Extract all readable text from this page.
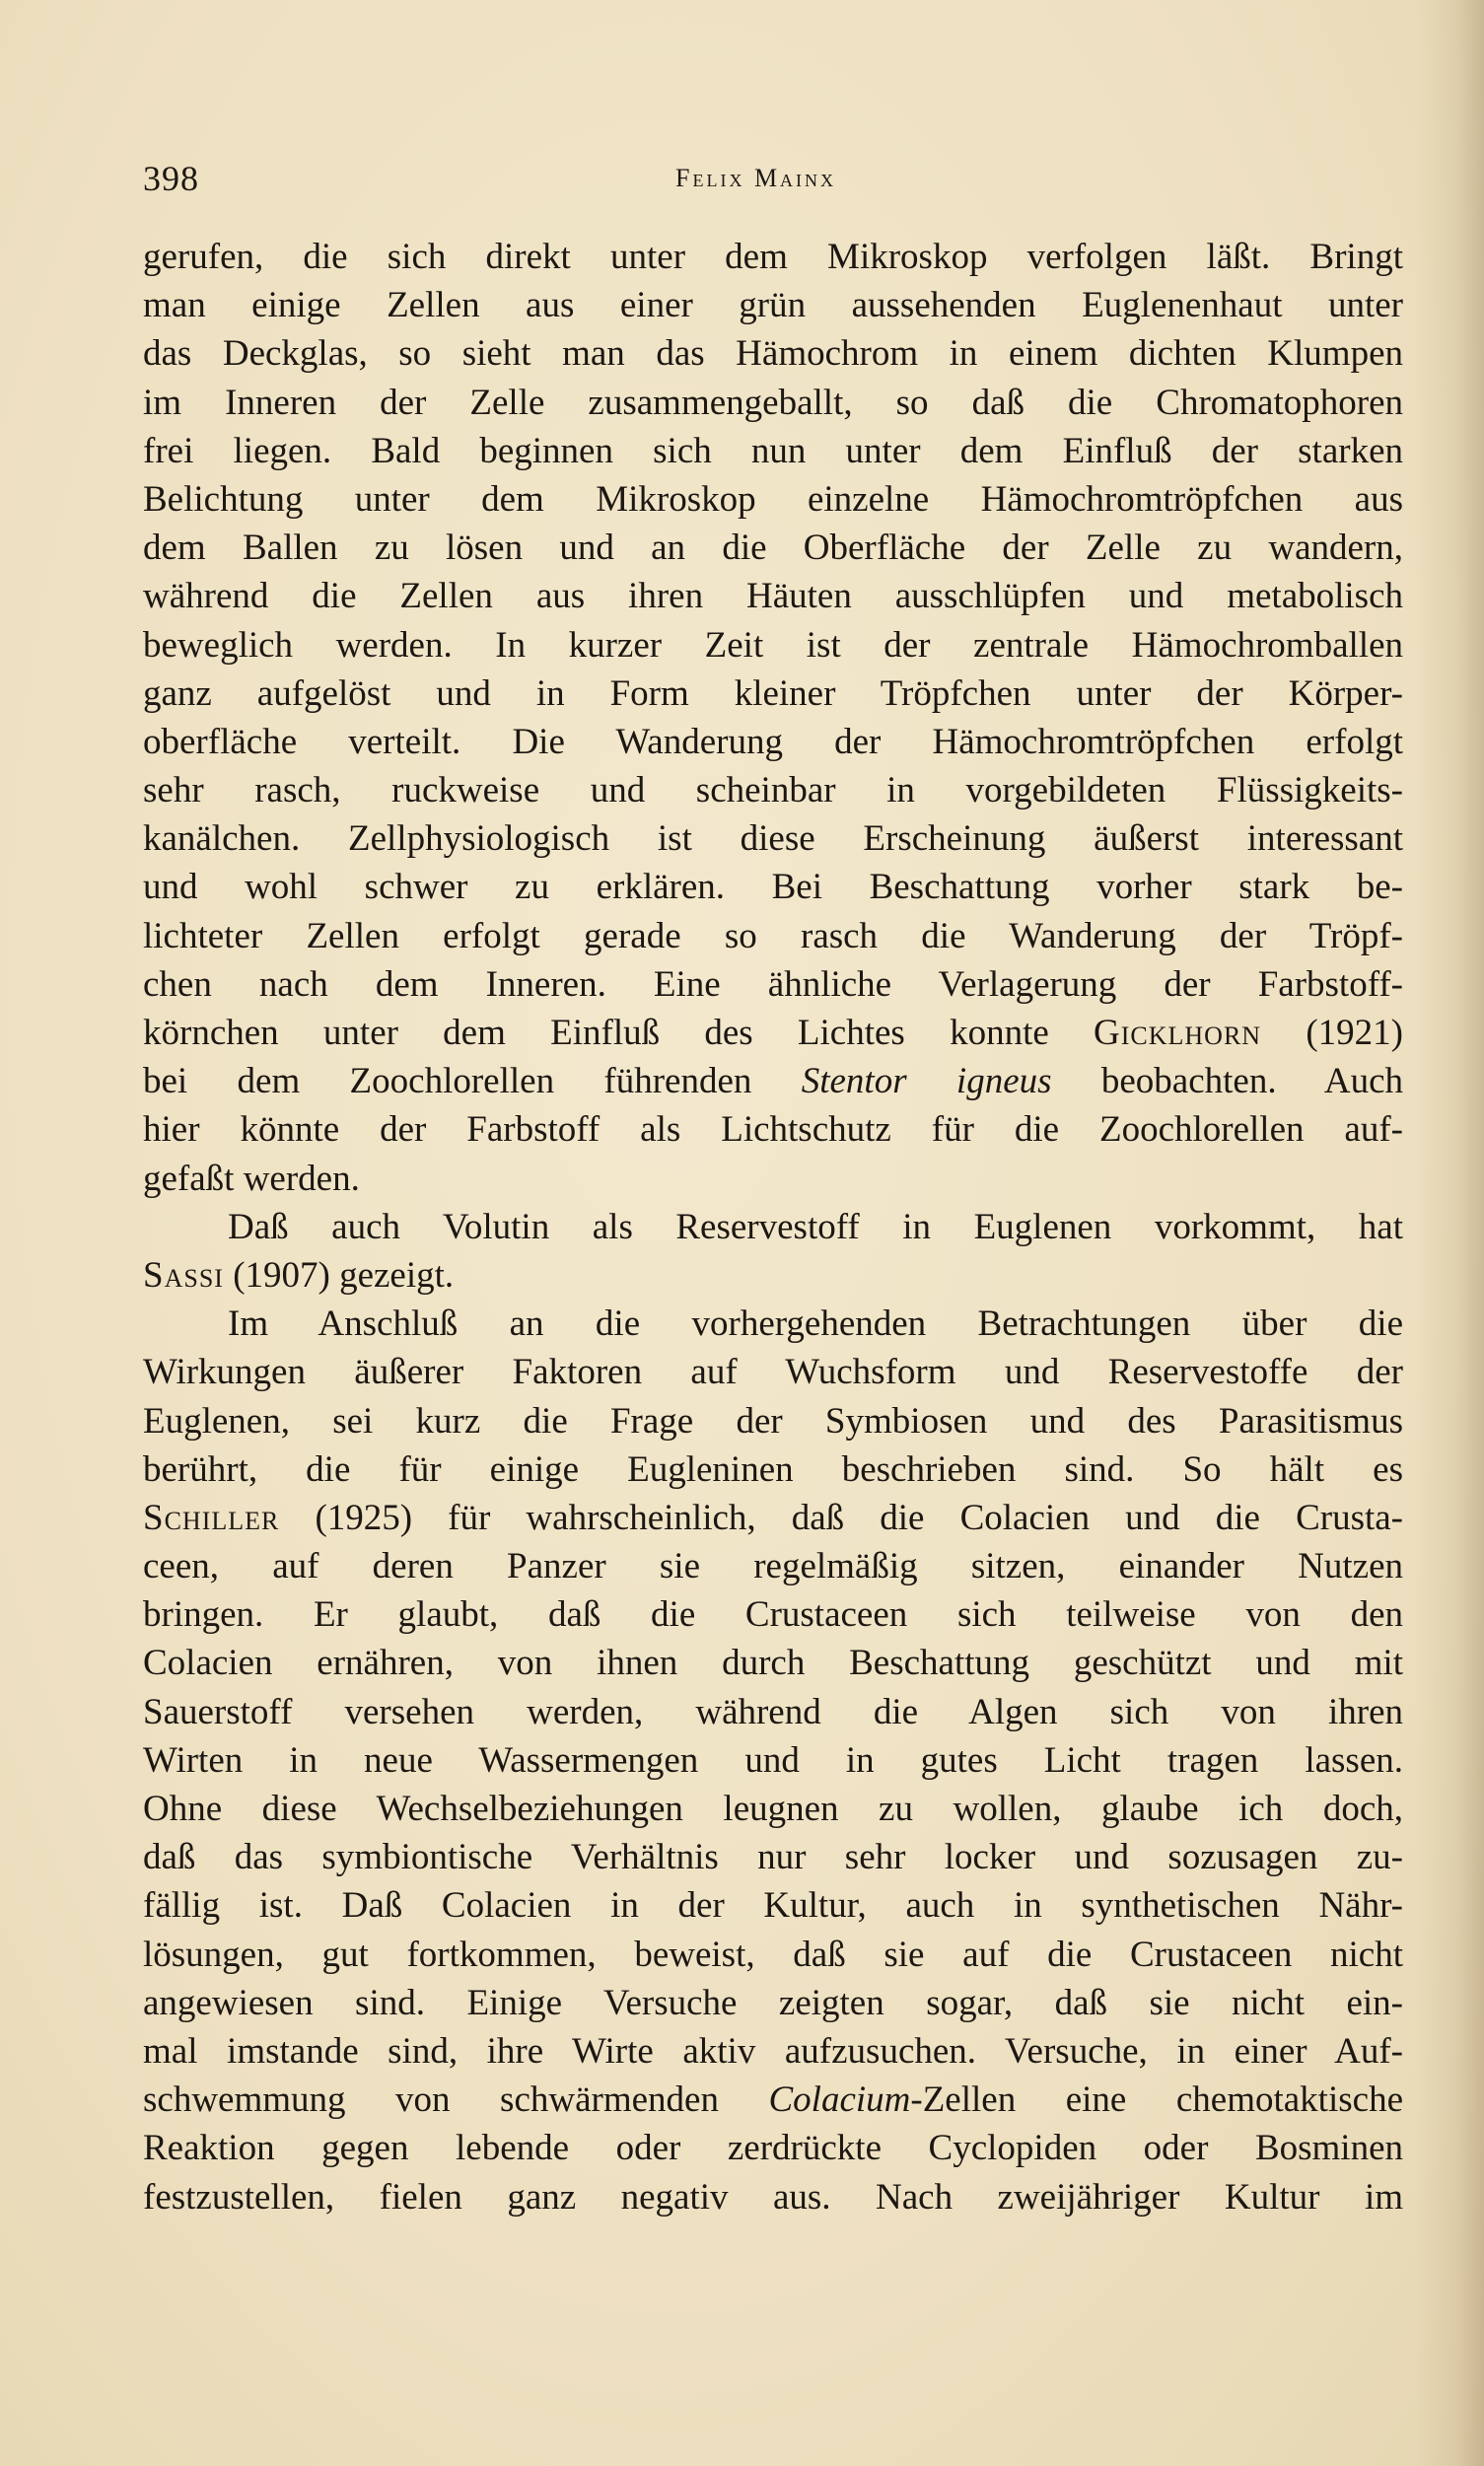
398	Felix Mainx
gerufen, die sich direkt unter dem Mikroskop verfolgen läßt. Bringt
man einige Zellen aus einer grün aussehenden Euglenenhaut unter
das Deckglas, so sieht man das Hämochrom in einem dichten Klumpen
im Inneren der Zelle zusammengeballt, so daß die Chromatophoren
frei liegen. Bald beginnen sich nun unter dem Einfluß der starken
Belichtung unter dem Mikroskop einzelne Hämochromtröpfchen aus
dem Ballen zu lösen und an die Oberfläche der Zelle zu wandern,
während die Zellen aus ihren Häuten ausschlüpfen und metabolisch
beweglich werden. In kurzer Zeit ist der zentrale Hämochromballen
ganz aufgelöst und in Form kleiner Tröpfchen unter der Körper-
oberfläche verteilt. Die Wanderung der Hämochromtröpfchen erfolgt
sehr rasch, ruckweise und scheinbar in vorgebildeten Flüssigkeits-
kanälchen. Zellphysiologisch ist diese Erscheinung äußerst interessant
und wohl schwer zu erklären. Bei Beschattung vorher stark be-
lichteter Zellen erfolgt gerade so rasch die Wanderung der Tröpf-
chen nach dem Inneren. Eine ähnliche Verlagerung der Farbstoff-
körnchen unter dem Einfluß des Lichtes konnte Gicklhorn (1921)
bei dem Zoochlorellen führenden Stentor igneus beobachten. Auch
hier könnte der Farbstoff als Lichtschutz für die Zoochlorellen auf-
gefaßt werden.
Daß auch Volutin als Reservestoff in Euglenen vorkommt, hat
Sassi (1907) gezeigt.
Im Anschluß an die vorhergehenden Betrachtungen über die
Wirkungen äußerer Faktoren auf Wuchsform und Reservestoffe der
Euglenen, sei kurz die Frage der Symbiosen und des Parasitismus
berührt, die für einige Eugleninen beschrieben sind. So hält es
Schiller (1925) für wahrscheinlich, daß die Colacien und die Crusta-
ceen, auf deren Panzer sie regelmäßig sitzen, einander Nutzen
bringen. Er glaubt, daß die Crustaceen sich teilweise von den
Colacien ernähren, von ihnen durch Beschattung geschützt und mit
Sauerstoff versehen werden, während die Algen sich von ihren
Wirten in neue Wassermengen und in gutes Licht tragen lassen.
Ohne diese Wechselbeziehungen leugnen zu wollen, glaube ich doch,
daß das symbiontische Verhältnis nur sehr locker und sozusagen zu-
fällig ist. Daß Colacien in der Kultur, auch in synthetischen Nähr-
lösungen, gut fortkommen, beweist, daß sie auf die Crustaceen nicht
angewiesen sind. Einige Versuche zeigten sogar, daß sie nicht ein-
mal imstande sind, ihre Wirte aktiv aufzusuchen. Versuche, in einer Auf-
schwemmung von schwärmenden Colacium-Zellen eine chemotaktische
Reaktion gegen lebende oder zerdrückte Cyclopiden oder Bosminen
festzustellen, fielen ganz negativ aus. Nach zweijähriger Kultur im
